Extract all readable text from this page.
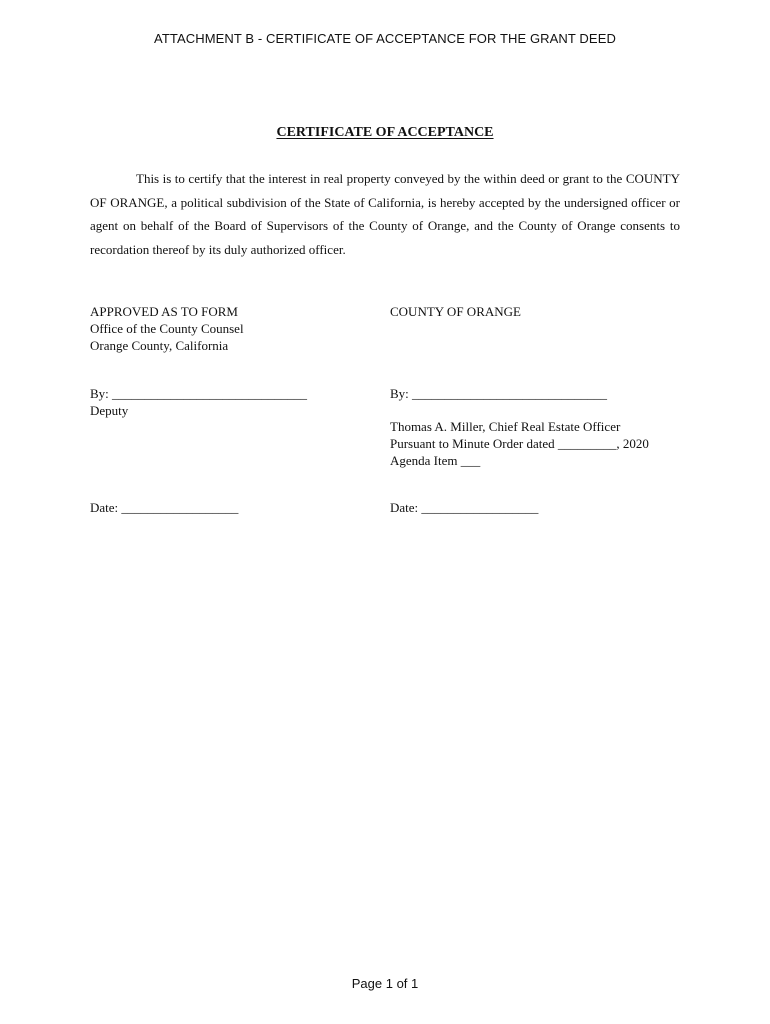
ATTACHMENT B - CERTIFICATE OF ACCEPTANCE FOR THE GRANT DEED
CERTIFICATE OF ACCEPTANCE

This is to certify that the interest in real property conveyed by the within deed or grant to the COUNTY OF ORANGE, a political subdivision of the State of California, is hereby accepted by the undersigned officer or agent on behalf of the Board of Supervisors of the County of Orange, and the County of Orange consents to recordation thereof by its duly authorized officer.

APPROVED AS TO FORM
Office of the County Counsel
Orange County, California
By: ______________________________
Deputy
Date: __________________
COUNTY OF ORANGE
By: ______________________________
Thomas A. Miller, Chief Real Estate Officer
Pursuant to Minute Order dated _________, 2020
Agenda Item ___
Date: __________________
Page 1 of 1
